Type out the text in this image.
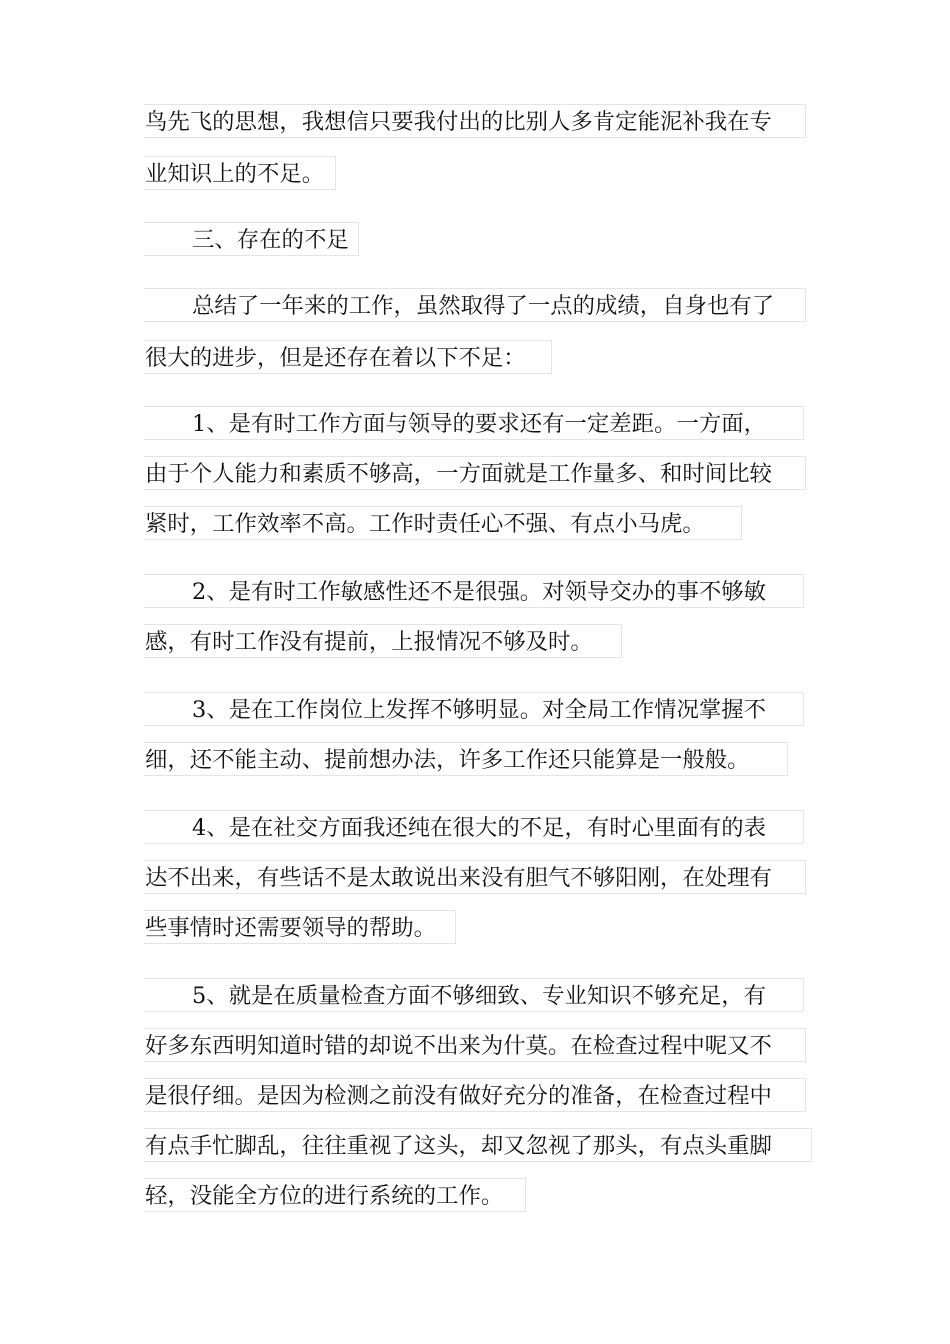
鸟先飞的思想，我想信只要我付出的比别人多肯定能泥补我在专
业知识上的不足。
三、存在的不足
总结了一年来的工作，虽然取得了一点的成绩，自身也有了
很大的进步，但是还存在着以下不足：
1、是有时工作方面与领导的要求还有一定差距。一方面，
由于个人能力和素质不够高，一方面就是工作量多、和时间比较
紧时，工作效率不高。工作时责任心不强、有点小马虎。
2、是有时工作敏感性还不是很强。对领导交办的事不够敏
感，有时工作没有提前，上报情况不够及时。
3、是在工作岗位上发挥不够明显。对全局工作情况掌握不
细，还不能主动、提前想办法，许多工作还只能算是一般般。
4、是在社交方面我还纯在很大的不足，有时心里面有的表
达不出来，有些话不是太敢说出来没有胆气不够阳刚，在处理有
些事情时还需要领导的帮助。
5、就是在质量检查方面不够细致、专业知识不够充足，有
好多东西明知道时错的却说不出来为什莫。在检查过程中呢又不
是很仔细。是因为检测之前没有做好充分的准备，在检查过程中
有点手忙脚乱，往往重视了这头，却又忽视了那头，有点头重脚
轻，没能全方位的进行系统的工作。
